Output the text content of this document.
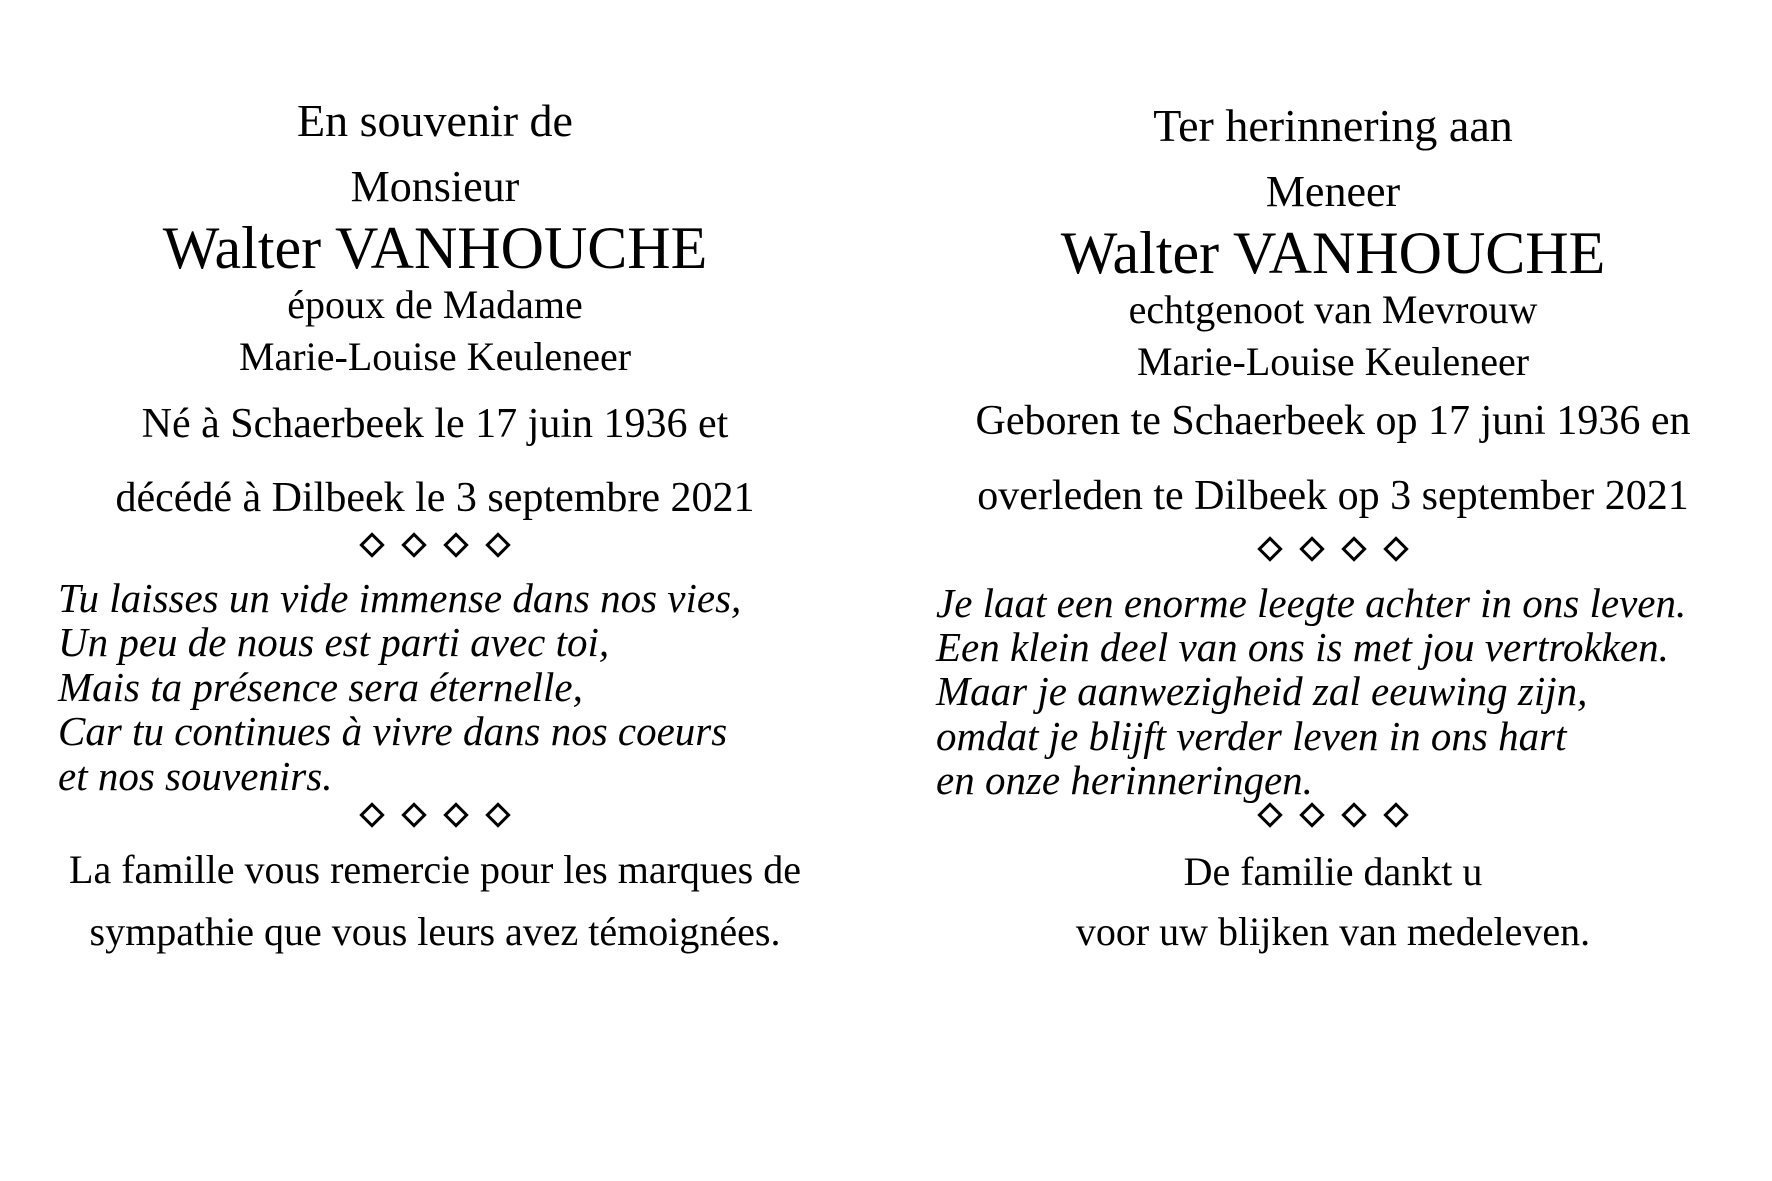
En souvenir de
Monsieur
Walter VANHOUCHE
époux de Madame
Marie-Louise Keuleneer
Né à Schaerbeek le 17 juin 1936 et
décédé à Dilbeek le 3 septembre 2021
Tu laisses un vide immense dans nos vies,
Un peu de nous est parti avec toi,
Mais ta présence sera éternelle,
Car tu continues à vivre dans nos coeurs
et nos souvenirs.
La famille vous remercie pour les marques de
sympathie que vous leurs avez témoignées.
Ter herinnering aan
Meneer
Walter VANHOUCHE
echtgenoot van Mevrouw
Marie-Louise Keuleneer
Geboren te Schaerbeek op 17 juni 1936 en
overleden te Dilbeek op 3 september 2021
Je laat een enorme leegte achter in ons leven.
Een klein deel van ons is met jou vertrokken.
Maar je aanwezigheid zal eeuwing zijn,
omdat je blijft verder leven in ons hart
en onze herinneringen.
De familie dankt u
voor uw blijken van medeleven.
